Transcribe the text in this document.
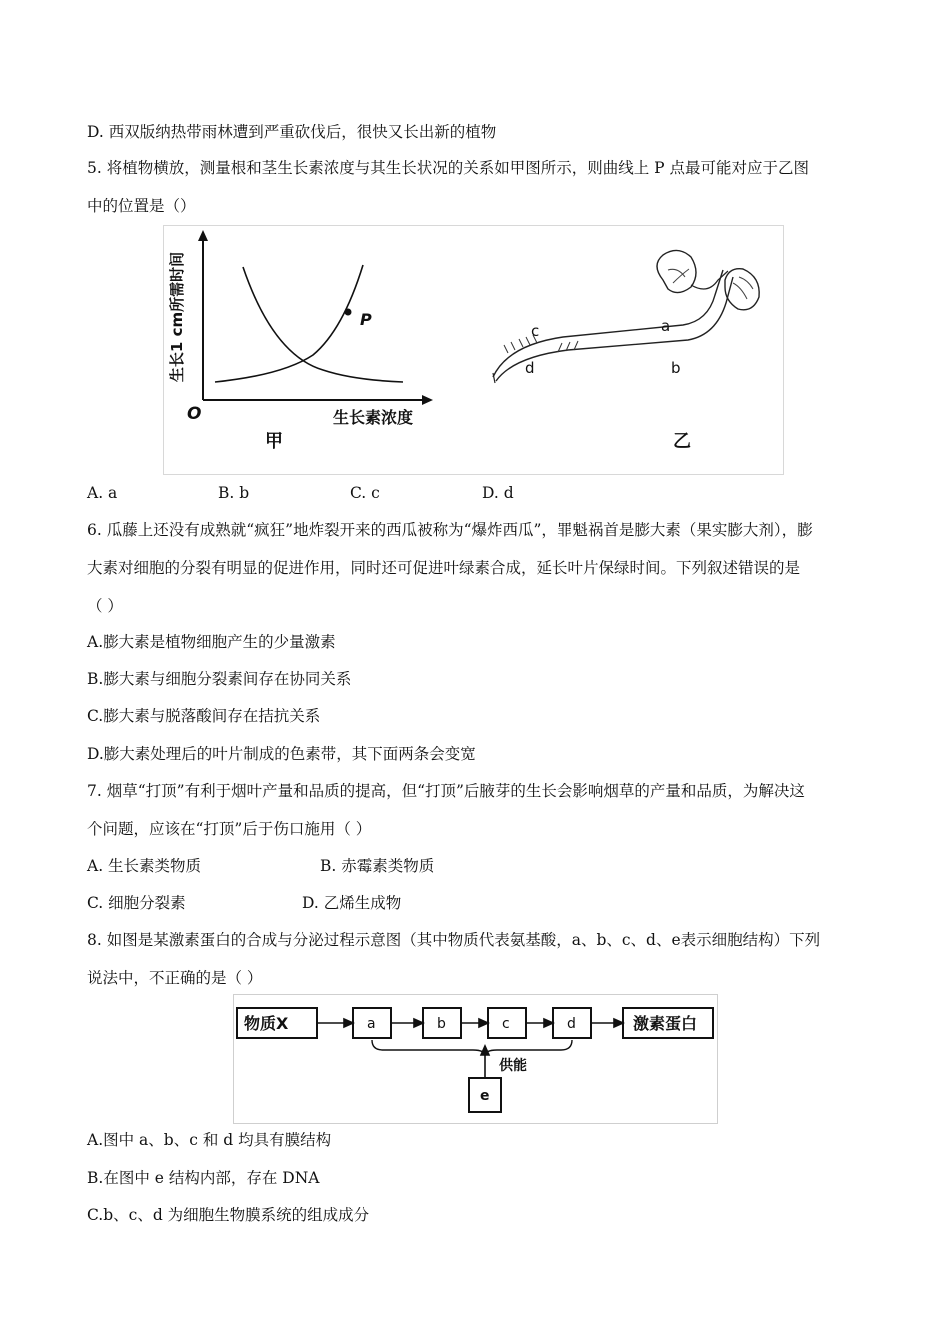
D. 西双版纳热带雨林遭到严重砍伐后，很快又长出新的植物
5. 将植物横放，测量根和茎生长素浓度与其生长状况的关系如甲图所示，则曲线上 P 点最可能对应于乙图
中的位置是（）
生长1 cm所需时间
O	生长素浓度
P
甲
c
d
a
b
乙
A. a	B. b	C. c	D. d
6. 瓜藤上还没有成熟就“疯狂”地炸裂开来的西瓜被称为“爆炸西瓜”，罪魁祸首是膨大素（果实膨大剂），膨
大素对细胞的分裂有明显的促进作用，同时还可促进叶绿素合成，延长叶片保绿时间。下列叙述错误的是
（ ）
A.膨大素是植物细胞产生的少量激素
B.膨大素与细胞分裂素间存在协同关系
C.膨大素与脱落酸间存在拮抗关系
D.膨大素处理后的叶片制成的色素带，其下面两条会变宽
7. 烟草“打顶”有利于烟叶产量和品质的提高，但“打顶”后腋芽的生长会影响烟草的产量和品质，为解决这
个问题，应该在“打顶”后于伤口施用（ ）
A. 生长素类物质	B. 赤霉素类物质
C. 细胞分裂素	D. 乙烯生成物
8. 如图是某激素蛋白的合成与分泌过程示意图（其中物质代表氨基酸，a、b、c、d、e表示细胞结构）下列
说法中，不正确的是（ ）
物质X	a	b	c	d	激素蛋白
供能
e
A.图中 a、b、c 和 d 均具有膜结构
B.在图中 e 结构内部，存在 DNA
C.b、c、d 为细胞生物膜系统的组成成分
